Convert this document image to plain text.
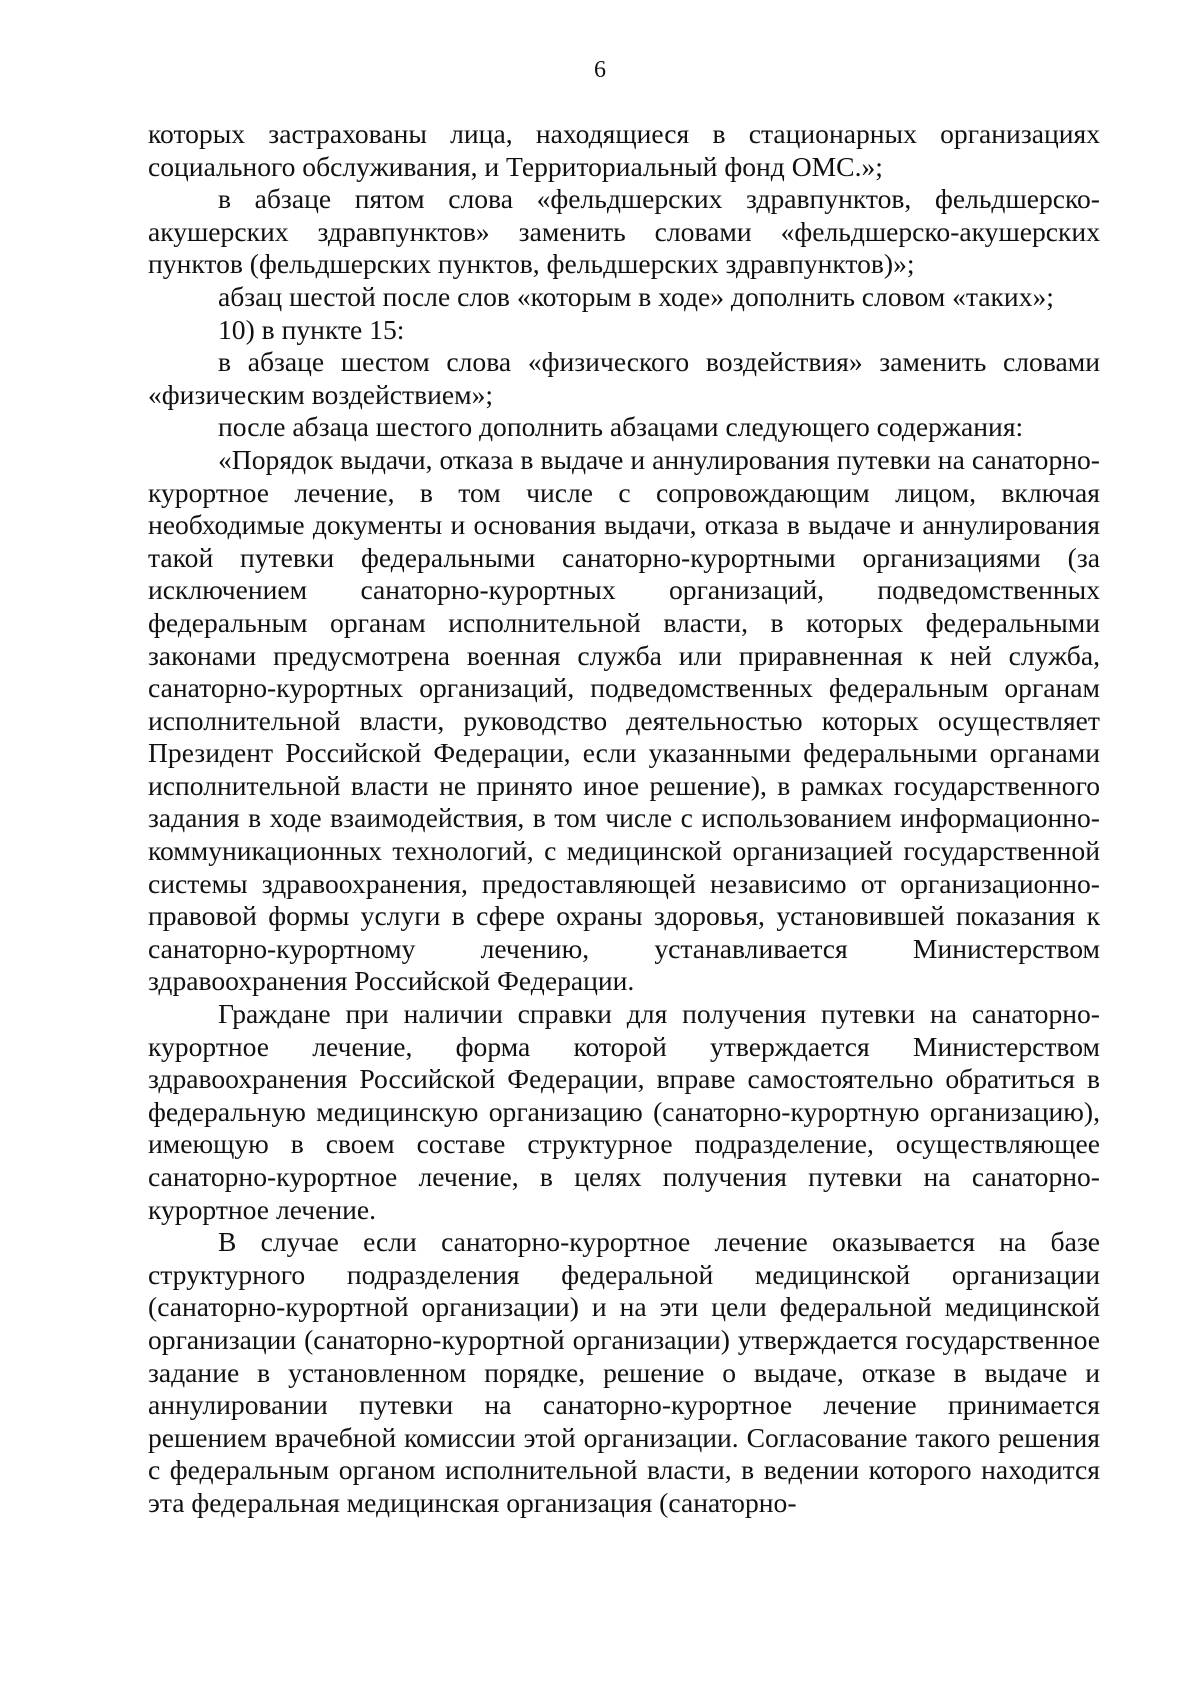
6

которых застрахованы лица, находящиеся в стационарных организациях социального обслуживания, и Территориальный фонд ОМС.»;

в абзаце пятом слова «фельдшерских здравпунктов, фельдшерско-акушерских здравпунктов» заменить словами «фельдшерско-акушерских пунктов (фельдшерских пунктов, фельдшерских здравпунктов)»;

абзац шестой после слов «которым в ходе» дополнить словом «таких»;

10) в пункте 15:

в абзаце шестом слова «физического воздействия» заменить словами «физическим воздействием»;

после абзаца шестого дополнить абзацами следующего содержания:

«Порядок выдачи, отказа в выдаче и аннулирования путевки на санаторно-курортное лечение, в том числе с сопровождающим лицом, включая необходимые документы и основания выдачи, отказа в выдаче и аннулирования такой путевки федеральными санаторно-курортными организациями (за исключением санаторно-курортных организаций, подведомственных федеральным органам исполнительной власти, в которых федеральными законами предусмотрена военная служба или приравненная к ней служба, санаторно-курортных организаций, подведомственных федеральным органам исполнительной власти, руководство деятельностью которых осуществляет Президент Российской Федерации, если указанными федеральными органами исполнительной власти не принято иное решение), в рамках государственного задания в ходе взаимодействия, в том числе с использованием информационно-коммуникационных технологий, с медицинской организацией государственной системы здравоохранения, предоставляющей независимо от организационно-правовой формы услуги в сфере охраны здоровья, установившей показания к санаторно-курортному лечению, устанавливается Министерством здравоохранения Российской Федерации.

Граждане при наличии справки для получения путевки на санаторно-курортное лечение, форма которой утверждается Министерством здравоохранения Российской Федерации, вправе самостоятельно обратиться в федеральную медицинскую организацию (санаторно-курортную организацию), имеющую в своем составе структурное подразделение, осуществляющее санаторно-курортное лечение, в целях получения путевки на санаторно-курортное лечение.

В случае если санаторно-курортное лечение оказывается на базе структурного подразделения федеральной медицинской организации (санаторно-курортной организации) и на эти цели федеральной медицинской организации (санаторно-курортной организации) утверждается государственное задание в установленном порядке, решение о выдаче, отказе в выдаче и аннулировании путевки на санаторно-курортное лечение принимается решением врачебной комиссии этой организации. Согласование такого решения с федеральным органом исполнительной власти, в ведении которого находится эта федеральная медицинская организация (санаторно-
